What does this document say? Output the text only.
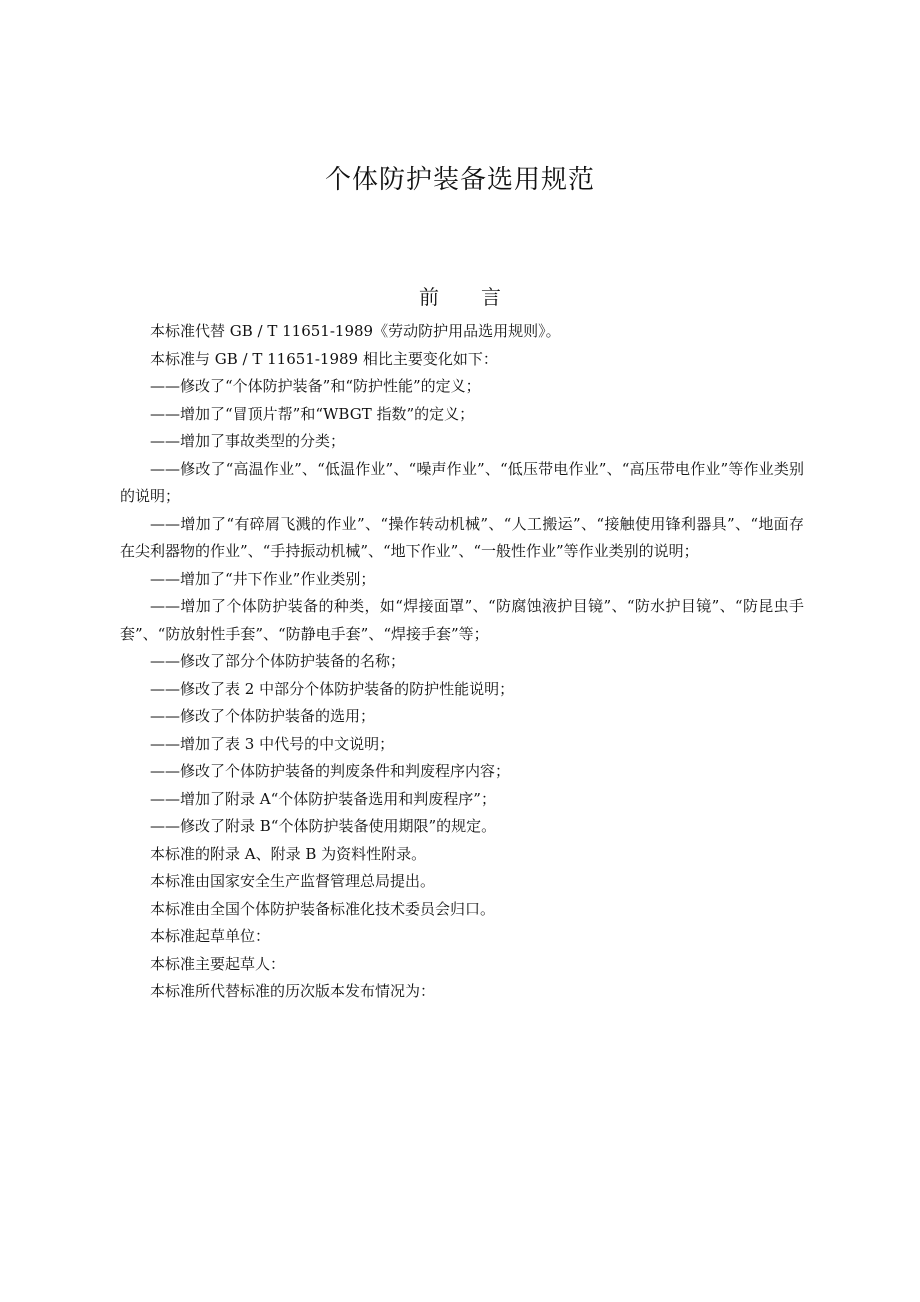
个体防护装备选用规范
前言

本标准代替 GB / T 11651-1989《劳动防护用品选用规则》。

本标准与 GB / T 11651-1989 相比主要变化如下：

——修改了“个体防护装备”和“防护性能”的定义；

——增加了“冒顶片帮”和“WBGT 指数”的定义；

——增加了事故类型的分类；

——修改了“高温作业”、“低温作业”、“噪声作业”、“低压带电作业”、“高压带电作业”等作业类别的说明；

——增加了“有碎屑飞溅的作业”、“操作转动机械”、“人工搬运”、“接触使用锋利器具”、“地面存在尖利器物的作业”、“手持振动机械”、“地下作业”、“一般性作业”等作业类别的说明；

——增加了“井下作业”作业类别；

——增加了个体防护装备的种类，如“焊接面罩”、“防腐蚀液护目镜”、“防水护目镜”、“防昆虫手套”、“防放射性手套”、“防静电手套”、“焊接手套”等；

——修改了部分个体防护装备的名称；

——修改了表 2 中部分个体防护装备的防护性能说明；

——修改了个体防护装备的选用；

——增加了表 3 中代号的中文说明；

——修改了个体防护装备的判废条件和判废程序内容；

——增加了附录 A“个体防护装备选用和判废程序”；

——修改了附录 B“个体防护装备使用期限”的规定。

本标准的附录 A、附录 B 为资料性附录。

本标准由国家安全生产监督管理总局提出。

本标准由全国个体防护装备标准化技术委员会归口。

本标准起草单位：

本标准主要起草人：

本标准所代替标准的历次版本发布情况为：
